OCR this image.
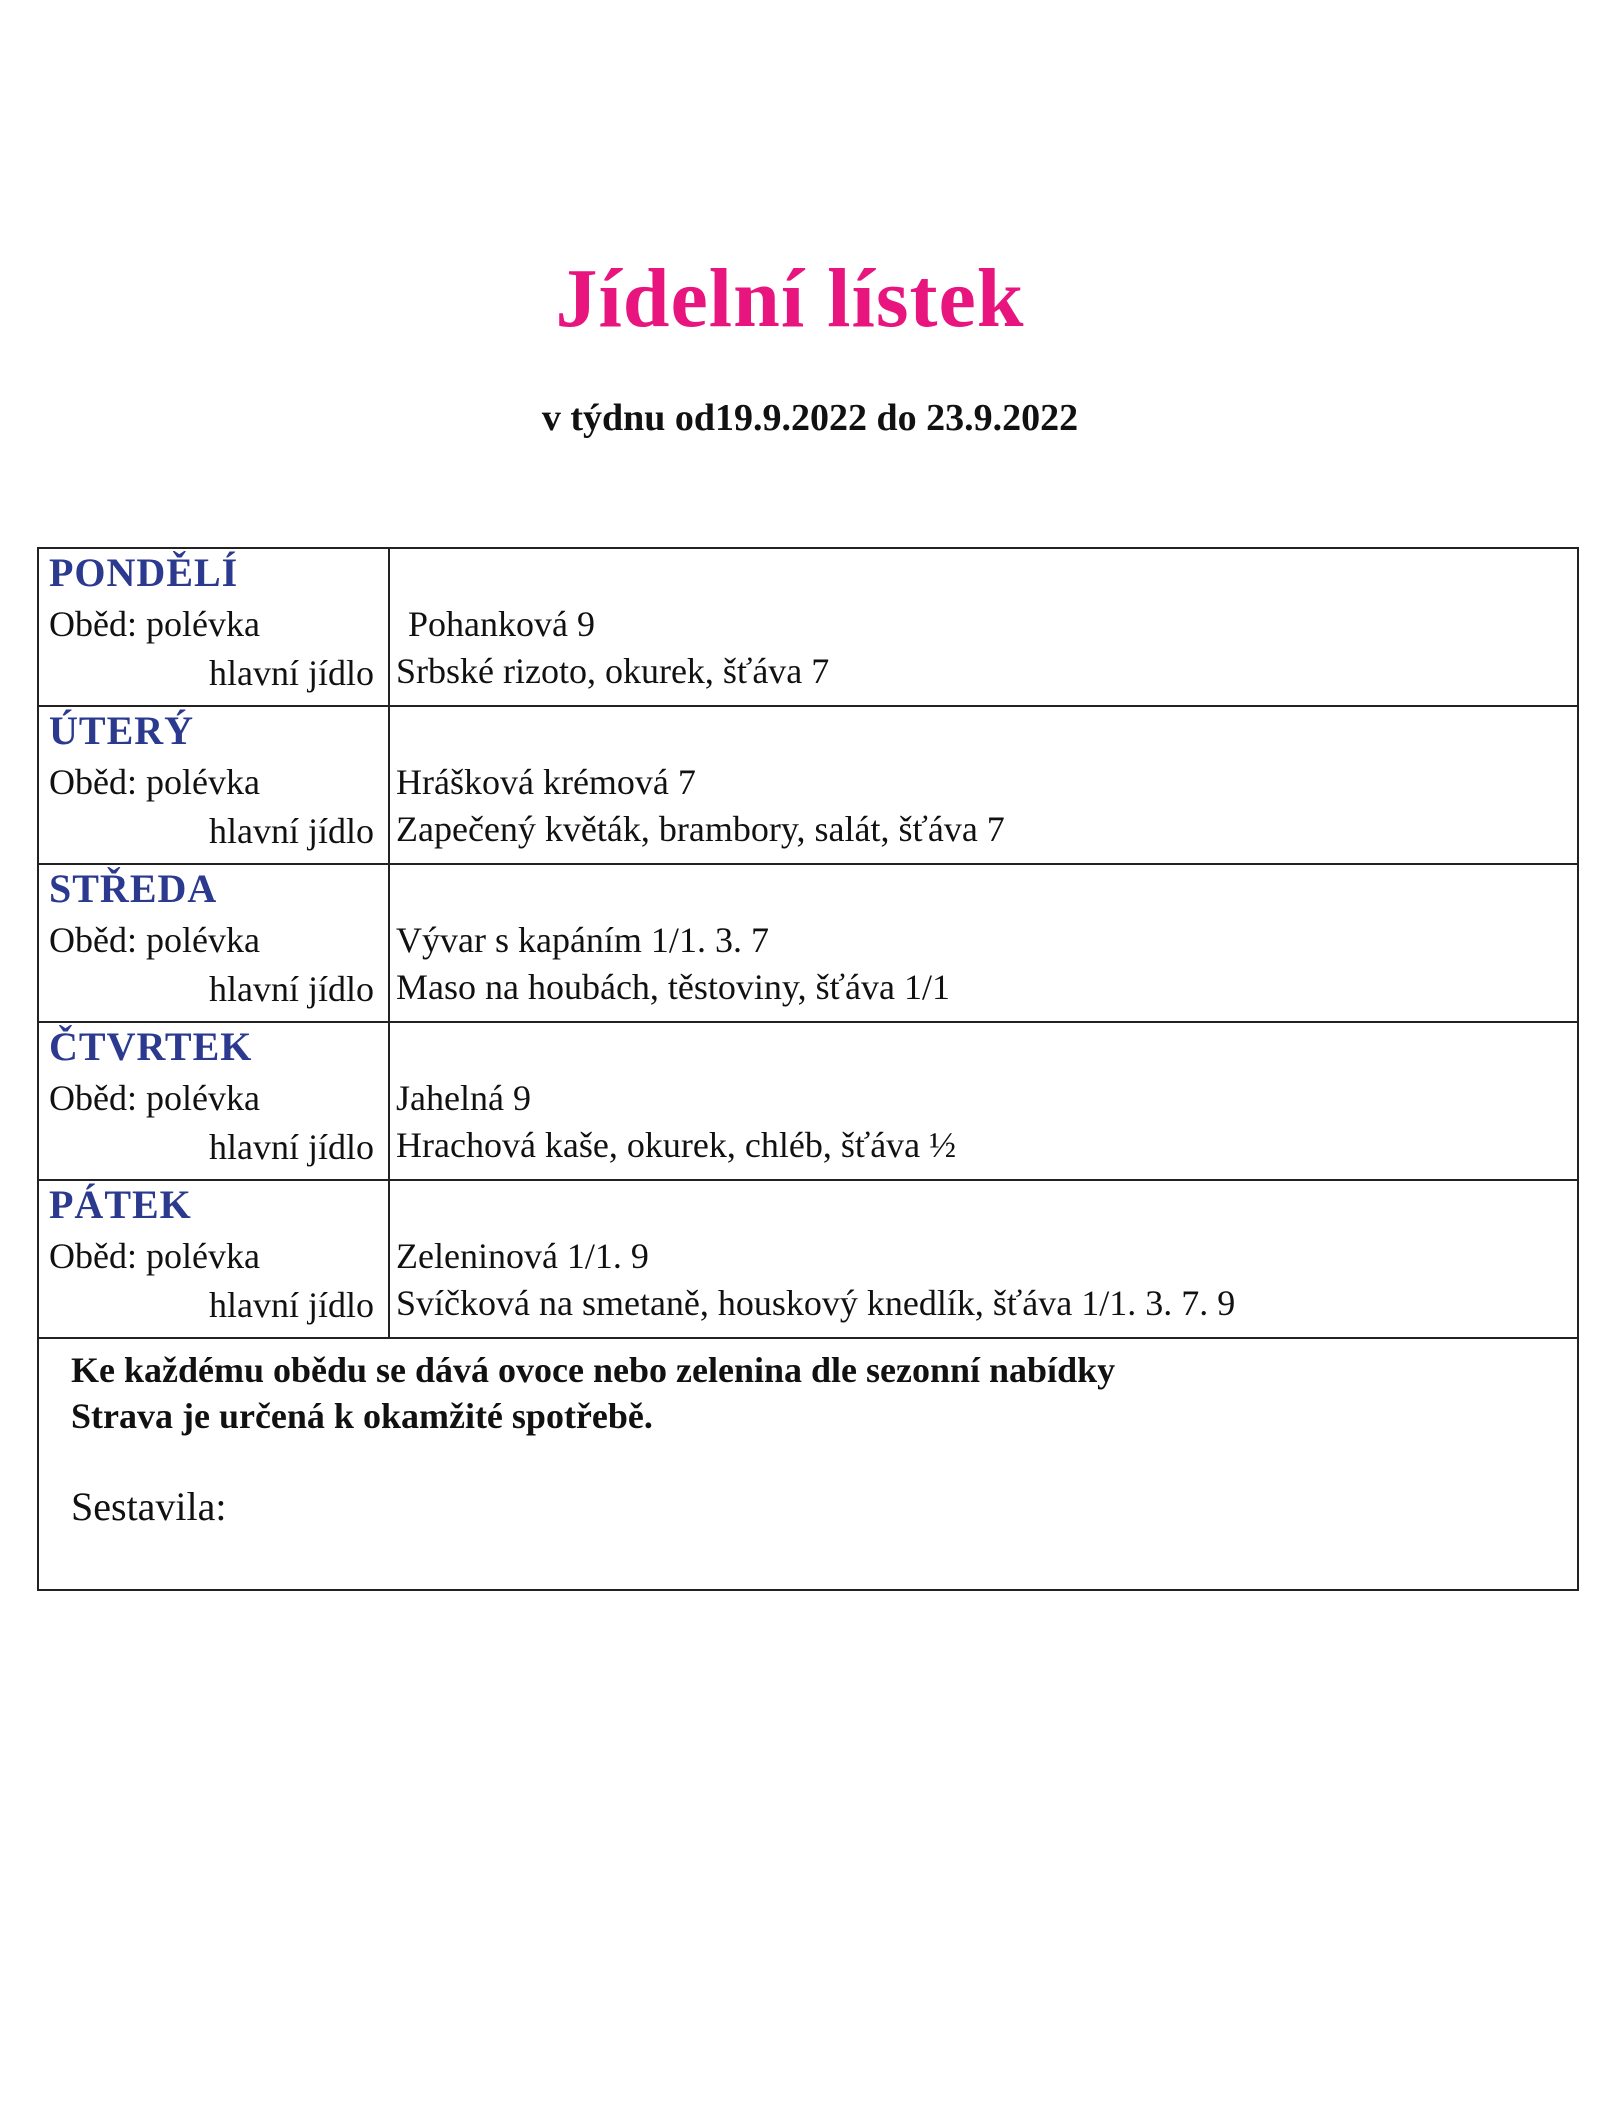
Jídelní lístek
v týdnu od19.9.2022 do 23.9.2022
PONDĚLÍ
Oběd: polévka
hlavní jídlo
Pohanková 9
Srbské rizoto, okurek, šťáva 7
ÚTERÝ
Oběd: polévka
hlavní jídlo
Hrášková krémová 7
Zapečený květák, brambory, salát, šťáva 7
STŘEDA
Oběd: polévka
hlavní jídlo
Vývar s kapáním 1/1. 3. 7
Maso na houbách, těstoviny, šťáva 1/1
ČTVRTEK
Oběd: polévka
hlavní jídlo
Jahelná 9
Hrachová kaše, okurek, chléb, šťáva ½
PÁTEK
Oběd: polévka
hlavní jídlo
Zeleninová 1/1. 9
Svíčková na smetaně, houskový knedlík, šťáva 1/1. 3. 7. 9
Ke každému obědu se dává ovoce nebo zelenina dle sezonní nabídky
Strava je určená k okamžité spotřebě.
Sestavila:
